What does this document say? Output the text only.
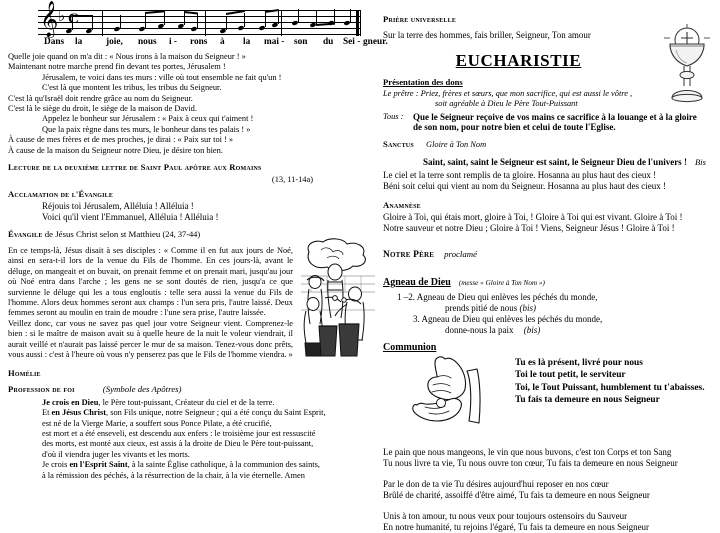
𝄞 ♭ C
Dans la	joie, nous i - rons à la mai - son du Sei - gneur.
Quelle joie quand on m'a dit : « Nous irons à la maison du Seigneur ! »
Maintenant notre marche prend fin devant tes portes, Jérusalem !
Jérusalem, te voici dans tes murs : ville où tout ensemble ne fait qu'un !
C'est là que montent les tribus, les tribus du Seigneur.
C'est là qu'Israël doit rendre grâce au nom du Seigneur.
C'est là le siège du droit, le siège de la maison de David.
Appelez le bonheur sur Jérusalem : « Paix à ceux qui t'aiment !
Que la paix règne dans tes murs, le bonheur dans tes palais ! »
À cause de mes frères et de mes proches, je dirai : « Paix sur toi ! »
À cause de la maison du Seigneur notre Dieu, je désire ton bien.
Lecture de la deuxième lettre de Saint Paul apôtre aux Romains
(13, 11-14a)
Acclamation de l'Évangile
Réjouis toi Jérusalem, Alléluia ! Alléluia !
Voici qu'il vient l'Emmanuel, Alléluia ! Alléluia !
Évangile de Jésus Christ selon st Matthieu (24, 37-44)
En ce temps-là, Jésus disait à ses disciples : « Comme il en fut aux jours de Noé, ainsi en sera-t-il lors de la venue du Fils de l'homme. En ces jours-là, avant le déluge, on mangeait et on buvait, on prenait femme et on prenait mari, jusqu'au jour où Noé entra dans l'arche ; les gens ne se sont doutés de rien, jusqu'a ce que survienne le déluge qui les a tous engloutis : telle sera aussi la venue du Fils de l'homme. Alors deux hommes seront aux champs : l'un sera pris, l'autre laissé. Deux femmes seront au moulin en train de moudre : l'une sera prise, l'autre laissée.
Veillez donc, car vous ne savez pas quel jour votre Seigneur vient. Comprenez-le bien : si le maître de maison avait su à quelle heure de la nuit le voleur viendrait, il aurait veillé et n'aurait pas laissé percer le mur de sa maison. Tenez-vous donc prêts, vous aussi : c'est à l'heure où vous n'y penserez pas que le Fils de l'homme viendra. »
Homélie
Profession de foi	(Symbole des Apôtres)
Je crois en Dieu, le Père tout-puissant, Créateur du ciel et de la terre.
Et en Jésus Christ, son Fils unique, notre Seigneur ; qui a été conçu du Saint Esprit,
est né de la Vierge Marie, a souffert sous Ponce Pilate, a été crucifié,
est mort et a été enseveli, est descendu aux enfers : le troisième jour est ressuscité
des morts, est monté aux cieux, est assis à la droite de Dieu le Père tout-puissant,
d'où il viendra juger les vivants et les morts.
Je crois en l'Esprit Saint, à la sainte Église catholique, à la communion des saints,
à la rémission des péchés, à la résurrection de la chair, à la vie éternelle. Amen
Prière universelle
Sur la terre des hommes, fais briller, Seigneur, Ton amour
EUCHARISTIE
Présentation des dons
Le prêtre : Priez, frères et sœurs, que mon sacrifice, qui est aussi le vôtre ,
soit agréable à Dieu le Père Tout-Puissant
Tous :	Que le Seigneur reçoive de vos mains ce sacrifice à la louange et à la gloire
de son nom, pour notre bien et celui de toute l'Eglise.
Sanctus Gloire à Ton Nom
Saint, saint, saint le Seigneur est saint, le Seigneur Dieu de l'univers ! Bis
Le ciel et la terre sont remplis de ta gloire. Hosanna au plus haut des cieux !
Béni soit celui qui vient au nom du Seigneur. Hosanna au plus haut des cieux !
Anamnèse
Gloire à Toi, qui étais mort, gloire à Toi, ! Gloire à Toi qui est vivant. Gloire à Toi !
Notre sauveur et notre Dieu ; Gloire à Toi ! Viens, Seigneur Jésus ! Gloire à Toi !
Notre Père proclamé
Agneau de Dieu (messe « Gloire à Ton Nom »)
1 –2. Agneau de Dieu qui enlèves les péchés du monde,
prends pitié de nous (bis)
3. Agneau de Dieu qui enlèves les péchés du monde,
donne-nous la paix (bis)
Communion
Tu es là présent, livré pour nous
Toi le tout petit, le serviteur
Toi, le Tout Puissant, humblement tu t'abaisses.
Tu fais ta demeure en nous Seigneur
Le pain que nous mangeons, le vin que nous buvons, c'est ton Corps et ton Sang
Tu nous livre ta vie, Tu nous ouvre ton cœur, Tu fais ta demeure en nous Seigneur
Par le don de ta vie Tu désires aujourd'hui reposer en nos cœur
Brûlé de charité, assoiffé d'être aimé, Tu fais ta demeure en nous Seigneur
Unis à ton amour, tu nous veux pour toujours ostensoirs du Sauveur
En notre humanité, tu rejoins l'égaré, Tu fais ta demeure en nous Seigneur
